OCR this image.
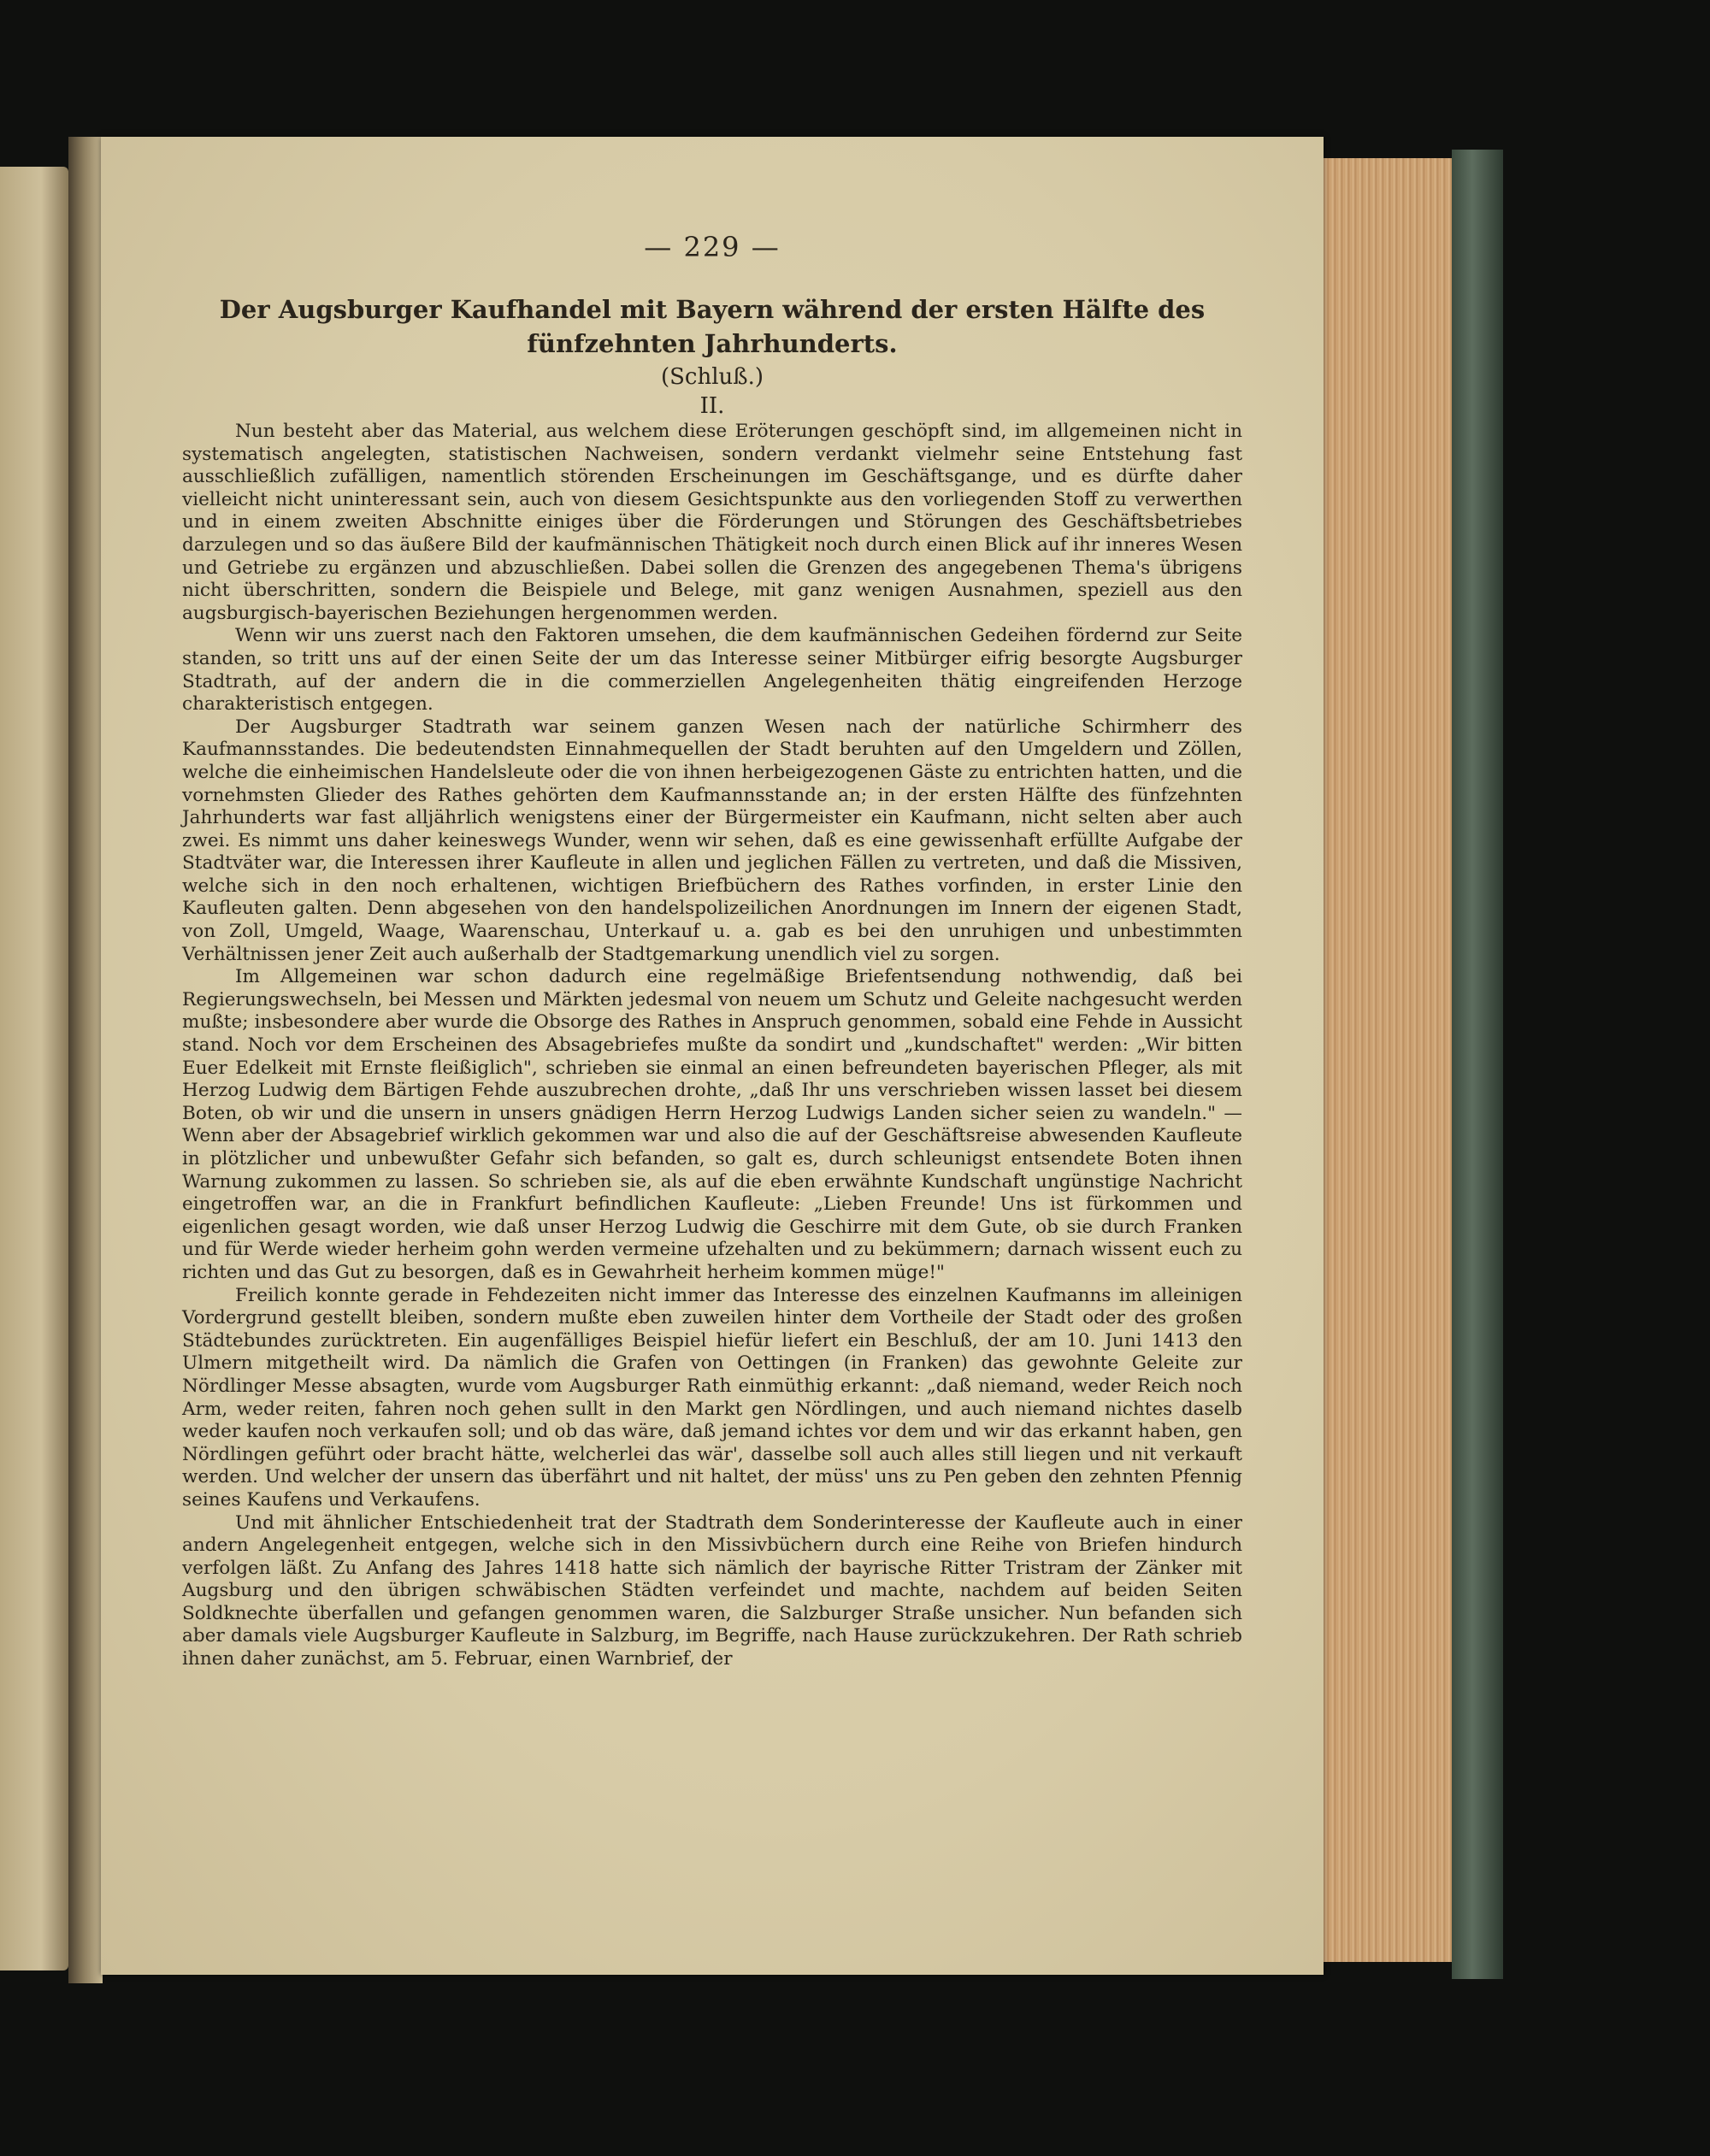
— 229 —
Der Augsburger Kaufhandel mit Bayern während der ersten Hälfte des fünfzehnten Jahrhunderts.
(Schluß.)
II.

Nun besteht aber das Material, aus welchem diese Eröterungen geschöpft sind, im allgemeinen nicht in systematisch angelegten, statistischen Nachweisen, sondern verdankt vielmehr seine Entstehung fast ausschließlich zufälligen, namentlich störenden Erscheinungen im Geschäftsgange, und es dürfte daher vielleicht nicht uninteressant sein, auch von diesem Gesichtspunkte aus den vorliegenden Stoff zu verwerthen und in einem zweiten Abschnitte einiges über die Förderungen und Störungen des Geschäftsbetriebes darzulegen und so das äußere Bild der kaufmännischen Thätigkeit noch durch einen Blick auf ihr inneres Wesen und Getriebe zu ergänzen und abzuschließen. Dabei sollen die Grenzen des angegebenen Thema's übrigens nicht überschritten, sondern die Beispiele und Belege, mit ganz wenigen Ausnahmen, speziell aus den augsburgisch-bayerischen Beziehungen hergenommen werden.

Wenn wir uns zuerst nach den Faktoren umsehen, die dem kaufmännischen Gedeihen fördernd zur Seite standen, so tritt uns auf der einen Seite der um das Interesse seiner Mitbürger eifrig besorgte Augsburger Stadtrath, auf der andern die in die commerziellen Angelegenheiten thätig eingreifenden Herzoge charakteristisch entgegen.

Der Augsburger Stadtrath war seinem ganzen Wesen nach der natürliche Schirmherr des Kaufmannsstandes. Die bedeutendsten Einnahmequellen der Stadt beruhten auf den Umgeldern und Zöllen, welche die einheimischen Handelsleute oder die von ihnen herbeigezogenen Gäste zu entrichten hatten, und die vornehmsten Glieder des Rathes gehörten dem Kaufmannsstande an; in der ersten Hälfte des fünfzehnten Jahrhunderts war fast alljährlich wenigstens einer der Bürgermeister ein Kaufmann, nicht selten aber auch zwei. Es nimmt uns daher keineswegs Wunder, wenn wir sehen, daß es eine gewissenhaft erfüllte Aufgabe der Stadtväter war, die Interessen ihrer Kaufleute in allen und jeglichen Fällen zu vertreten, und daß die Missiven, welche sich in den noch erhaltenen, wichtigen Briefbüchern des Rathes vorfinden, in erster Linie den Kaufleuten galten. Denn abgesehen von den handelspolizeilichen Anordnungen im Innern der eigenen Stadt, von Zoll, Umgeld, Waage, Waarenschau, Unterkauf u. a. gab es bei den unruhigen und unbestimmten Verhältnissen jener Zeit auch außerhalb der Stadtgemarkung unendlich viel zu sorgen.

Im Allgemeinen war schon dadurch eine regelmäßige Briefentsendung nothwendig, daß bei Regierungswechseln, bei Messen und Märkten jedesmal von neuem um Schutz und Geleite nachgesucht werden mußte; insbesondere aber wurde die Obsorge des Rathes in Anspruch genommen, sobald eine Fehde in Aussicht stand. Noch vor dem Erscheinen des Absagebriefes mußte da sondirt und „kundschaftet" werden: „Wir bitten Euer Edelkeit mit Ernste fleißiglich", schrieben sie einmal an einen befreundeten bayerischen Pfleger, als mit Herzog Ludwig dem Bärtigen Fehde auszubrechen drohte, „daß Ihr uns verschrieben wissen lasset bei diesem Boten, ob wir und die unsern in unsers gnädigen Herrn Herzog Ludwigs Landen sicher seien zu wandeln." — Wenn aber der Absagebrief wirklich gekommen war und also die auf der Geschäftsreise abwesenden Kaufleute in plötzlicher und unbewußter Gefahr sich befanden, so galt es, durch schleunigst entsendete Boten ihnen Warnung zukommen zu lassen. So schrieben sie, als auf die eben erwähnte Kundschaft ungünstige Nachricht eingetroffen war, an die in Frankfurt befindlichen Kaufleute: „Lieben Freunde! Uns ist fürkommen und eigenlichen gesagt worden, wie daß unser Herzog Ludwig die Geschirre mit dem Gute, ob sie durch Franken und für Werde wieder herheim gohn werden vermeine ufzehalten und zu bekümmern; darnach wissent euch zu richten und das Gut zu besorgen, daß es in Gewahrheit herheim kommen müge!"

Freilich konnte gerade in Fehdezeiten nicht immer das Interesse des einzelnen Kaufmanns im alleinigen Vordergrund gestellt bleiben, sondern mußte eben zuweilen hinter dem Vortheile der Stadt oder des großen Städtebundes zurücktreten. Ein augenfälliges Beispiel hiefür liefert ein Beschluß, der am 10. Juni 1413 den Ulmern mitgetheilt wird. Da nämlich die Grafen von Oettingen (in Franken) das gewohnte Geleite zur Nördlinger Messe absagten, wurde vom Augsburger Rath einmüthig erkannt: „daß niemand, weder Reich noch Arm, weder reiten, fahren noch gehen sullt in den Markt gen Nördlingen, und auch niemand nichtes daselb weder kaufen noch verkaufen soll; und ob das wäre, daß jemand ichtes vor dem und wir das erkannt haben, gen Nördlingen geführt oder bracht hätte, welcherlei das wär', dasselbe soll auch alles still liegen und nit verkauft werden. Und welcher der unsern das überfährt und nit haltet, der müss' uns zu Pen geben den zehnten Pfennig seines Kaufens und Verkaufens.

Und mit ähnlicher Entschiedenheit trat der Stadtrath dem Sonderinteresse der Kaufleute auch in einer andern Angelegenheit entgegen, welche sich in den Missivbüchern durch eine Reihe von Briefen hindurch verfolgen läßt. Zu Anfang des Jahres 1418 hatte sich nämlich der bayrische Ritter Tristram der Zänker mit Augsburg und den übrigen schwäbischen Städten verfeindet und machte, nachdem auf beiden Seiten Soldknechte überfallen und gefangen genommen waren, die Salzburger Straße unsicher. Nun befanden sich aber damals viele Augsburger Kaufleute in Salzburg, im Begriffe, nach Hause zurückzukehren. Der Rath schrieb ihnen daher zunächst, am 5. Februar, einen Warnbrief, der
